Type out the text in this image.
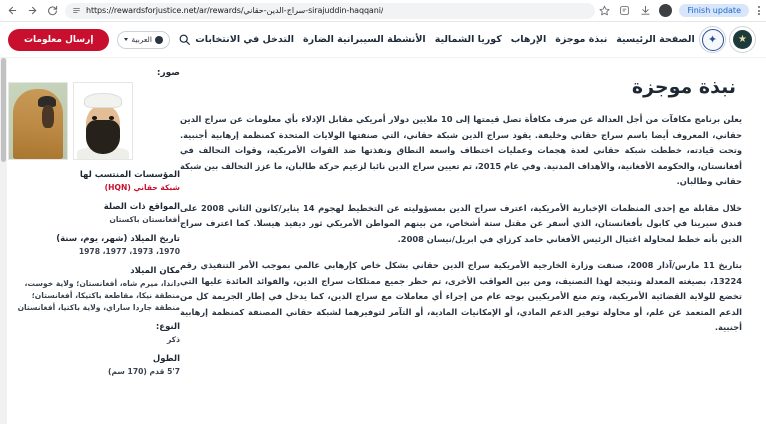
https://rewardsforjustice.net/ar/rewards/سراج-الدين-حقاني-sirajuddin-haqqani/	Finish update
★
✦
الصفحة الرئيسية
نبذة موجزة
الإرهاب
كوريا الشمالية
الأنشطة السيبرانية الضارة
التدخل في الانتخابات
العربية
إرسال معلومات
نبذة موجزة

يعلن برنامج مكافآت من أجل العدالة عن صرف مكافأة تصل قيمتها إلى 10 ملايين دولار أمريكي مقابل الإدلاء بأي معلومات عن سراج الدين حقاني، المعروف أيضا باسم سراج حقاني وخليفة. يقود سراج الدين شبكة حقاني، التي صنفتها الولايات المتحدة كمنظمة إرهابية أجنبية. وتحت قيادته، خططت شبكة حقاني لعدة هجمات وعمليات اختطاف واسعة النطاق ونفذتها ضد القوات الأمريكية، وقوات التحالف في أفغانستان، والحكومة الأفغانية، والأهداف المدنية. وفي عام 2015، تم تعيين سراج الدين نائبا لزعيم حركة طالبان، ما عزز التحالف بين شبكة حقاني وطالبان.

خلال مقابلة مع إحدى المنظمات الإخبارية الأمريكية، اعترف سراج الدين بمسؤوليته عن التخطيط لهجوم 14 يناير/كانون الثاني 2008 على فندق سيرينا في كابول بأفغانستان، الذي أسفر عن مقتل ستة أشخاص، من بينهم المواطن الأمريكي ثور ديفيد هيسلا. كما اعترف سراج الدين بأنه خطط لمحاولة اغتيال الرئيس الأفغاني حامد كرزاي في ابريل/نيسان 2008.

بتاريخ 11 مارس/آذار 2008، صنفت وزارة الخارجية الأمريكية سراج الدين حقاني بشكل خاص كإرهابي عالمي بموجب الأمر التنفيذي رقم 13224، بصيغته المعدلة ونتيجة لهذا التصنيف، ومن بين العواقب الأخرى، تم حظر جميع ممتلكات سراج الدين، والفوائد العائدة عليها التي تخضع للولاية القضائية الأمريكية، وتم منع الأمريكيين بوجه عام من إجراء أي معاملات مع سراج الدين، كما يدخل في إطار الجريمة كل من الدعم المتعمد عن علم، أو محاولة توفير الدعم المادي، أو الإمكانيات المادية، أو التآمر لتوفيرهما لشبكة حقاني المصنفة كمنظمة إرهابية أجنبية.

صور:
المؤسسات المنتسب لها
شبكة حقاني (HQN)
المواقع ذات الصلة
أفغانستان باكستان
تاريخ الميلاد (شهر، يوم، سنة)
1970، 1973، 1977، 1978
مكان الميلاد
داندا، ميرم شاه، أفغانستان؛ ولاية خوست، منطقة نيكا، مقاطعة باكتيكا، أفغانستان؛ منطقة جاردا ساراي، ولاية باكتيا، أفغانستان
النوع:
ذكر
الطول
7'5 قدم (170 سم)
